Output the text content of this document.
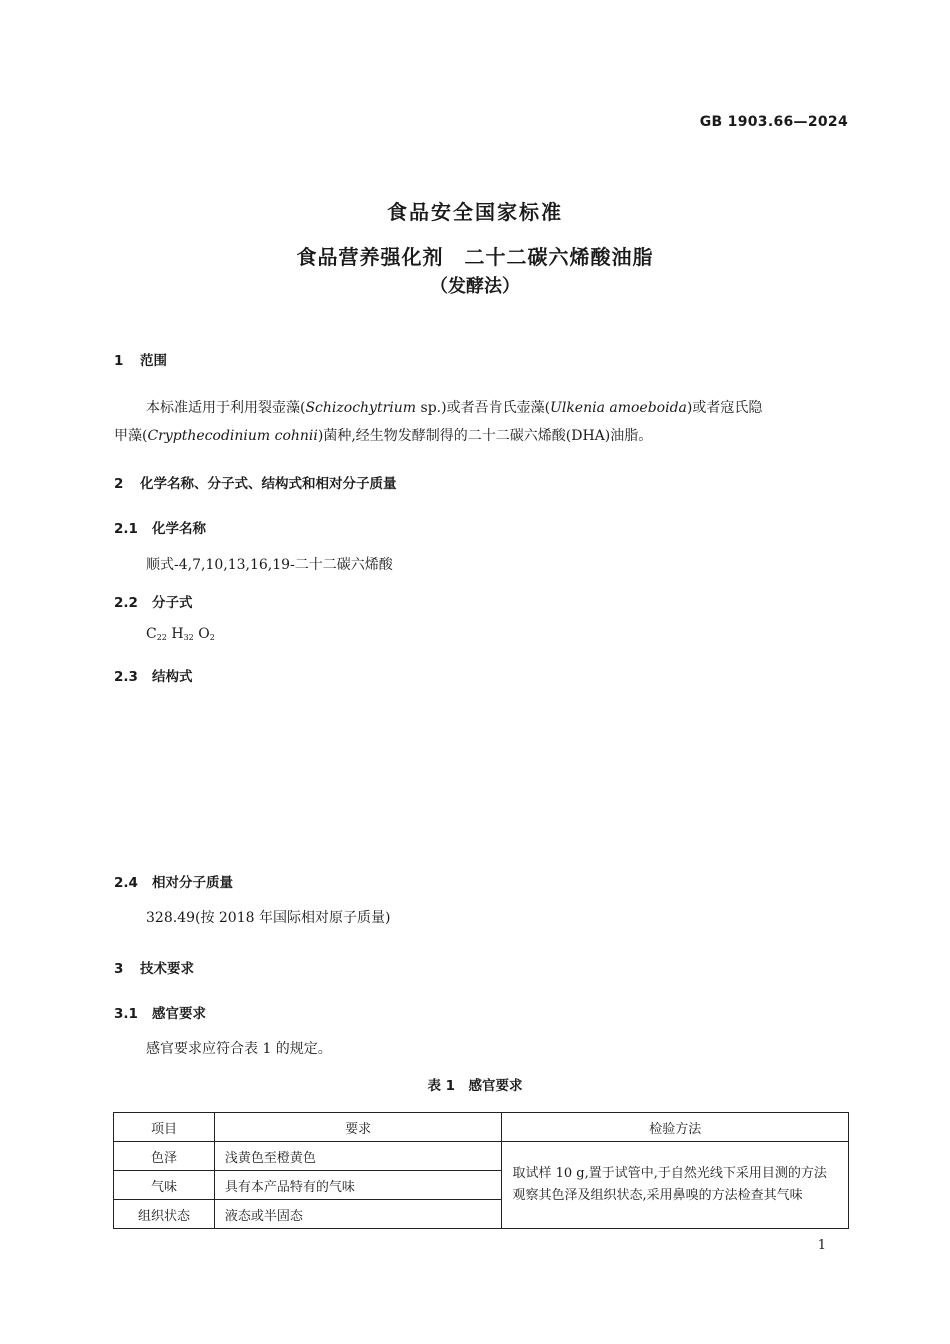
GB 1903.66—2024
食品安全国家标准
食品营养强化剂　二十二碳六烯酸油脂
（发酵法）
1 范围
本标准适用于利用裂壶藻(Schizochytrium sp.)或者吾肯氏壶藻(Ulkenia amoeboida)或者寇氏隐
甲藻(Crypthecodinium cohnii)菌种,经生物发酵制得的二十二碳六烯酸(DHA)油脂。
2 化学名称、分子式、结构式和相对分子质量
2.1 化学名称
顺式-4,7,10,13,16,19-二十二碳六烯酸
2.2 分子式
$C_{22}$ $H_{32}$ $O_2$
2.3 结构式
2.4 相对分子质量
328.49(按 2018 年国际相对原子质量)
3 技术要求
3.1 感官要求
感官要求应符合表 1 的规定。
表 1　感官要求
项目	要求	检验方法
色泽	浅黄色至橙黄色	取试样 10 g,置于试管中,于自然光线下采用目测的方法观察其色泽及组织状态,采用鼻嗅的方法检查其气味
气味	具有本产品特有的气味	
组织状态	液态或半固态	
1
